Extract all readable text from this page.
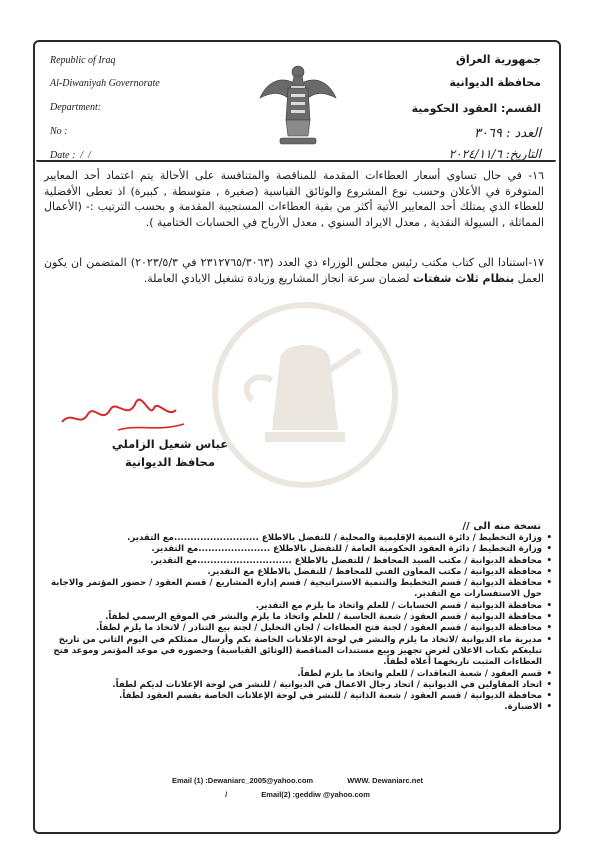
Republic of Iraq
Al-Diwaniyah Governorate
Department:
No :
Date :  /  /
جمهورية العراق
محافظة الديوانية
القسم: العقود الحكومية
العدد : ٣٠٦٩
التاريخ: ٢٠٢٤/١١/٦
١٦- في حال تساوي أسعار العطاءات المقدمة للمناقصة والمتنافسة على الأحالة يتم اعتماد أحد المعايير المتوفرة في الأعلان وحسب نوع المشروع والوثائق القياسية (صغيرة , متوسطة , كبيرة) اذ تعطى الأفضلية للعطاء الذي يمتلك أحد المعايير الأتية أكثر من بقية العطاءات المستجيبة المقدمة و بحسب الترتيب :- (الأعمال المماثلة , السيولة النقدية , معدل الايراد السنوي , معدل الأرباح في الحسابات الختامية ).
١٧-استنادا الى كتاب مكتب رئيس مجلس الوزراء ذي العدد (٢٣١٢٧٦٥/٣٠٦٣ في ٢٠٢٣/٥/٣) المتضمن ان يكون العمل بنظام ثلاث شفتات لضمان سرعة انجاز المشاريع وزيادة تشغيل الايادي العاملة.
عباس شعيل الزاملي
محافظ الديوانية
نسخة منه الى //
•
وزارة التخطيط / دائرة التنمية الإقليمية والمحلية / للتفضل بالاطلاع ..........................مع التقدير.
•
وزارة التخطيط / دائرة العقود الحكومية العامة / للتفضل بالاطلاع ......................مع التقدير.
•
محافظة الديوانية / مكتب السيد المحافظ / للتفضل بالاطلاع .............................مع التقدير.
•
محافظة الديوانية / مكتب المعاون الفني للمحافظ / للتفضل بالاطلاع مع التقدير.
•
محافظة الديوانية / قسم التخطيط والتنمية الاستراتيجية / قسم إدارة المشاريع / قسم العقود / حضور المؤتمر والاجابة حول الاستفسارات مع التقدير.
•
محافظة الديوانية / قسم الحسابات / للعلم واتخاذ ما يلزم مع التقدير.
•
محافظة الديوانية / قسم العقود / شعبة الحاسبة / للعلم واتخاذ ما يلزم والنشر في الموقع الرسمي لطفاً.
•
محافظة الديوانية / قسم العقود / لجنة فتح العطاءات / لجان التحليل / لجنة بيع التنادر / لاتخاذ ما يلزم لطفاً.
•
مديرية ماء الديوانية /لاتخاذ ما يلزم والنشر في لوحة الإعلانات الخاصة بكم وأرسال ممثلكم في اليوم الثاني من تاريخ تبليغكم بكتاب الاعلان لغرض تجهيز وبيع مستندات المناقصة (الوثائق القياسية) وحضوره في موعد المؤتمر وموعد فتح العطاءات المثبت تاريخهما أعلاه لطفاً.
•
قسم العقود / شعبة التعاقدات / للعلم واتخاذ ما يلزم لطفاً.
•
اتحاد المقاولين في الديوانية / اتحاد رجال الاعمال في الديوانية / للنشر في لوحة الإعلانات لديكم لطفاً.
•
محافظة الديوانية / قسم العقود / شعبة الذاتية / للنشر في لوحة الإعلانات الخاصة بقسم العقود لطفاً.
•
الاضبارة.
Email (1) :Dewaniarc_2005@yahoo.com	WWW. Dewaniarc.net
/	Email(2) :geddiw @yahoo.com
